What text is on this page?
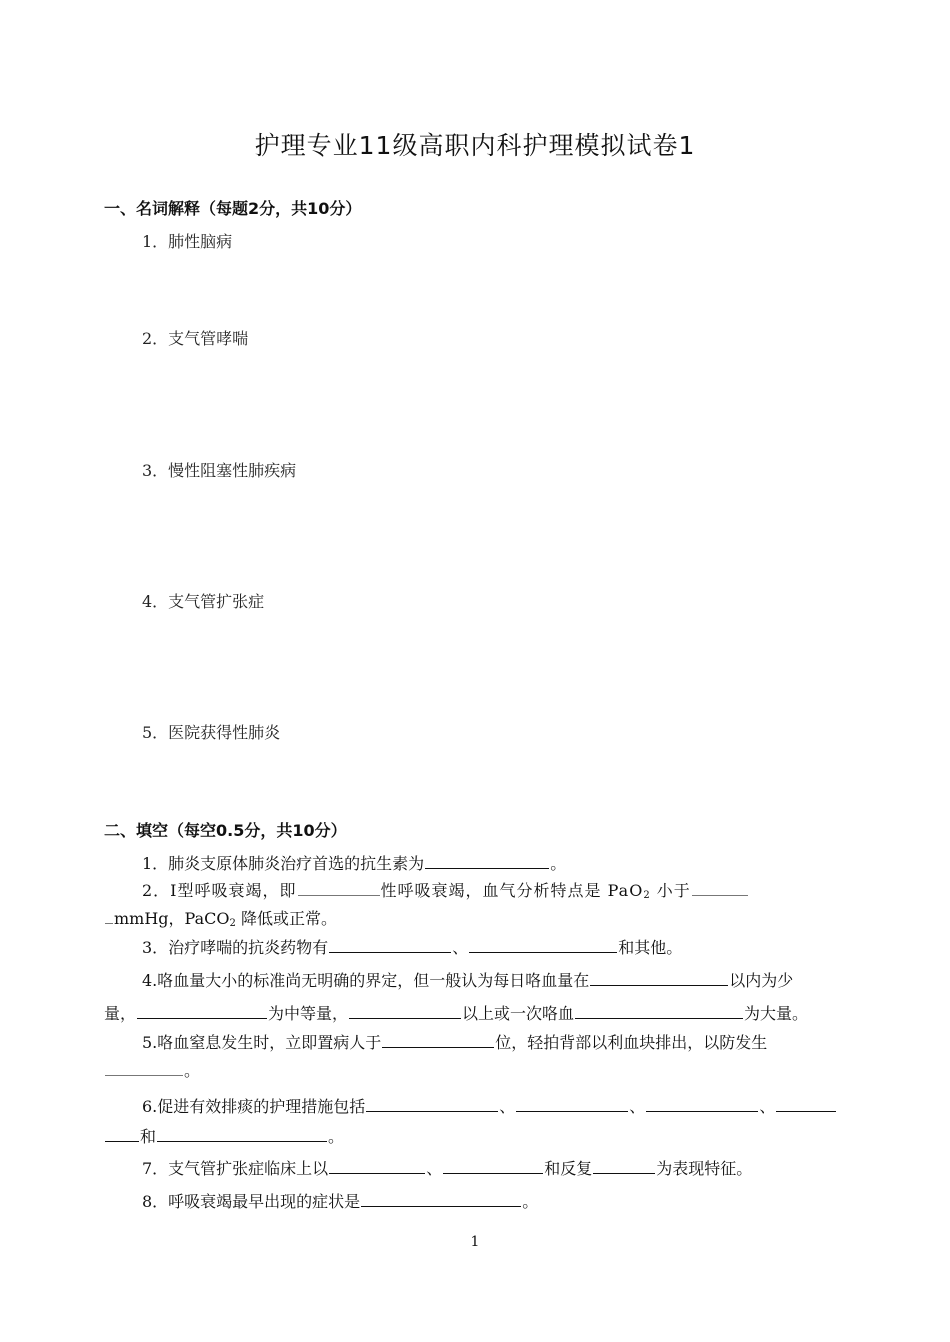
护理专业11级高职内科护理模拟试卷1
一、名词解释（每题2分，共10分）
1．肺性脑病
2．支气管哮喘
3．慢性阻塞性肺疾病
4．支气管扩张症
5．医院获得性肺炎
二、填空（每空0.5分，共10分）
1．肺炎支原体肺炎治疗首选的抗生素为	。
2．Ⅰ型呼吸衰竭，即	性呼吸衰竭，血气分析特点是 PaO$_2$ 小于
mmHg，PaCO$_2$ 降低或正常。
3．治疗哮喘的抗炎药物有	、	和其他。
4.咯血量大小的标准尚无明确的界定，但一般认为每日咯血量在	以内为少
量，	为中等量，	以上或一次咯血	为大量。
5.咯血窒息发生时，立即置病人于	位，轻拍背部以利血块排出，以防发生
。
6.促进有效排痰的护理措施包括	、	、	、
和	。
7．支气管扩张症临床上以	、	和反复	为表现特征。
8．呼吸衰竭最早出现的症状是	。
1
